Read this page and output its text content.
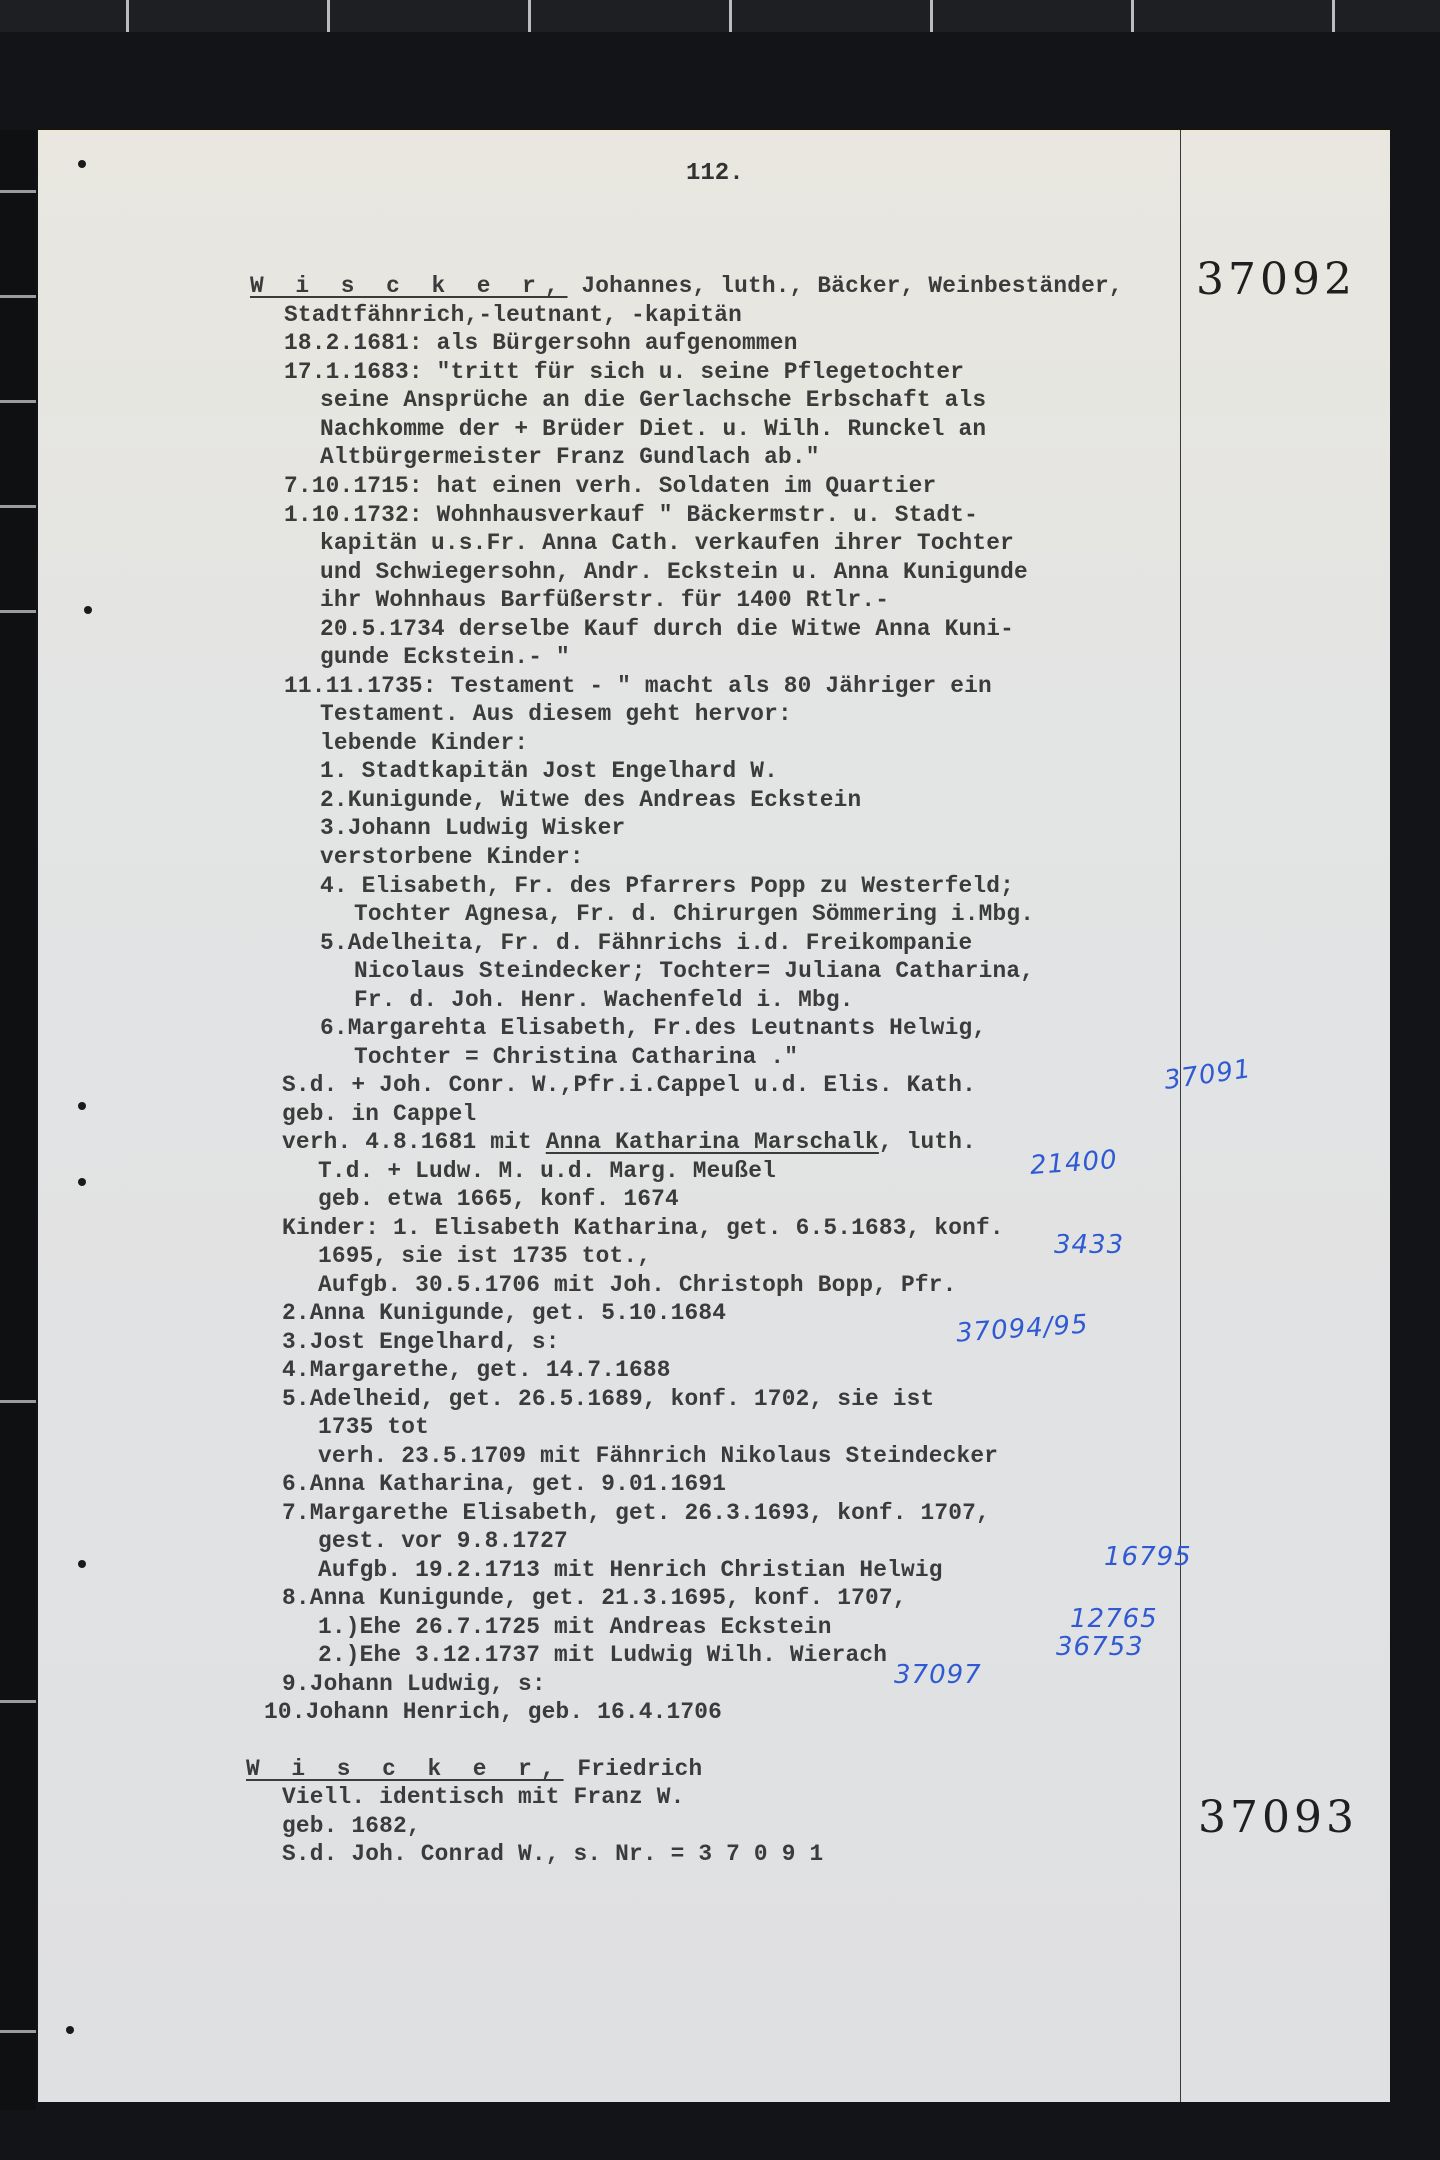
112.
37092
W i s c k e r, Johannes, luth., Bäcker, Weinbeständer,
Stadtfähnrich,-leutnant, -kapitän
18.2.1681: als Bürgersohn aufgenommen
17.1.1683: "tritt für sich u. seine Pflegetochter
seine Ansprüche an die Gerlachsche Erbschaft als
Nachkomme der + Brüder Diet. u. Wilh. Runckel an
Altbürgermeister Franz Gundlach ab."
7.10.1715: hat einen verh. Soldaten im Quartier
1.10.1732: Wohnhausverkauf " Bäckermstr. u. Stadt-
kapitän u.s.Fr. Anna Cath. verkaufen ihrer Tochter
und Schwiegersohn, Andr. Eckstein u. Anna Kunigunde
ihr Wohnhaus Barfüßerstr. für 1400 Rtlr.-
20.5.1734 derselbe Kauf durch die Witwe Anna Kuni-
gunde Eckstein.- "
11.11.1735: Testament - " macht als 80 Jähriger ein
Testament. Aus diesem geht hervor:
lebende Kinder:
1. Stadtkapitän Jost Engelhard W.
2.Kunigunde, Witwe des Andreas Eckstein
3.Johann Ludwig Wisker
verstorbene Kinder:
4. Elisabeth, Fr. des Pfarrers Popp zu Westerfeld;
Tochter Agnesa, Fr. d. Chirurgen Sömmering i.Mbg.
5.Adelheita, Fr. d. Fähnrichs i.d. Freikompanie
Nicolaus Steindecker; Tochter= Juliana Catharina,
Fr. d. Joh. Henr. Wachenfeld i. Mbg.
6.Margarehta Elisabeth, Fr.des Leutnants Helwig,
Tochter = Christina Catharina ."
S.d. + Joh. Conr. W.,Pfr.i.Cappel u.d. Elis. Kath.	37091
geb. in Cappel
verh. 4.8.1681 mit Anna Katharina Marschalk, luth.
T.d. + Ludw. M. u.d. Marg. Meußel	21400
geb. etwa 1665, konf. 1674
Kinder: 1. Elisabeth Katharina, get. 6.5.1683, konf.
3433
1695, sie ist 1735 tot.,
Aufgb. 30.5.1706 mit Joh. Christoph Bopp, Pfr.
2.Anna Kunigunde, get. 5.10.1684
3.Jost Engelhard, s:	37094/95
4.Margarethe, get. 14.7.1688
5.Adelheid, get. 26.5.1689, konf. 1702, sie ist
1735 tot
verh. 23.5.1709 mit Fähnrich Nikolaus Steindecker
6.Anna Katharina, get. 9.01.1691
7.Margarethe Elisabeth, get. 26.3.1693, konf. 1707,
gest. vor 9.8.1727
Aufgb. 19.2.1713 mit Henrich Christian Helwig	16795
8.Anna Kunigunde, get. 21.3.1695, konf. 1707,
1.)Ehe 26.7.1725 mit Andreas Eckstein	12765
2.)Ehe 3.12.1737 mit Ludwig Wilh. Wierach	36753
9.Johann Ludwig, s:	37097
10.Johann Henrich, geb. 16.4.1706
W i s c k e r, Friedrich
Viell. identisch mit Franz W.
geb. 1682,
S.d. Joh. Conrad W., s. Nr. = 3 7 0 9 1
37093
